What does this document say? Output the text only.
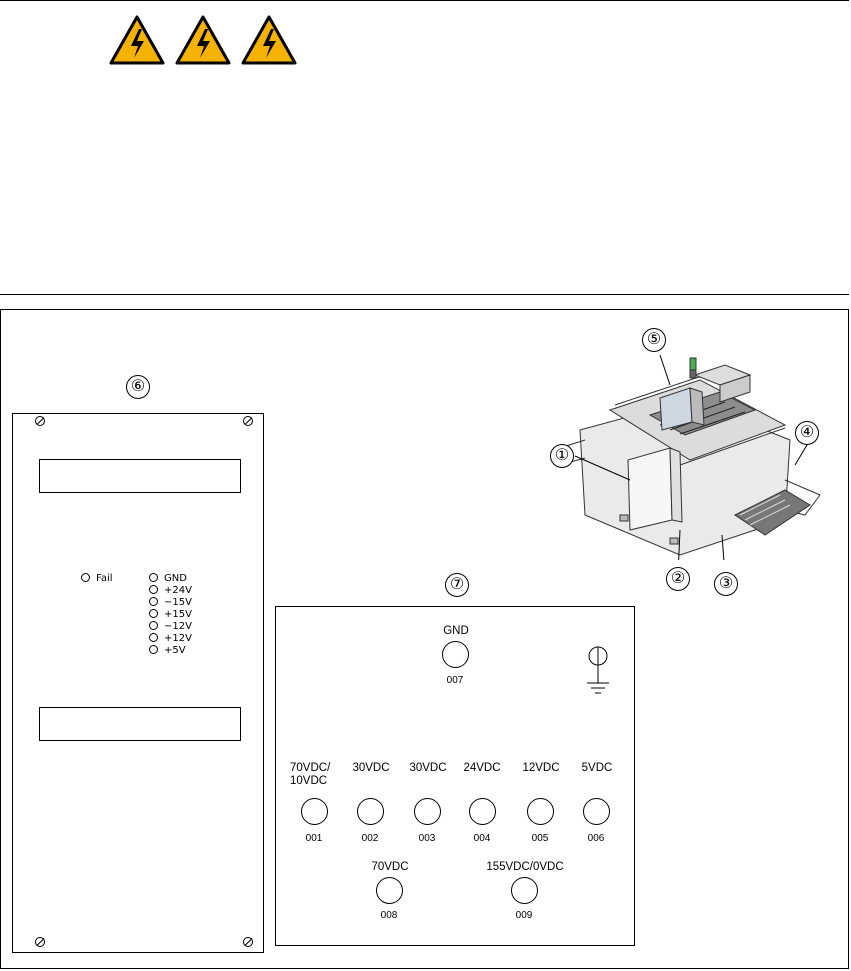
⑥
Fail	GND
+24V
−15V
+15V
−12V
+12V
+5V
①
②	③
④
⑤
⑦
GND
007
70VDC/
10VDC
30VDC	30VDC	24VDC	12VDC	5VDC
001	002	003	004	005	006
70VDC	155VDC/0VDC
008	009
